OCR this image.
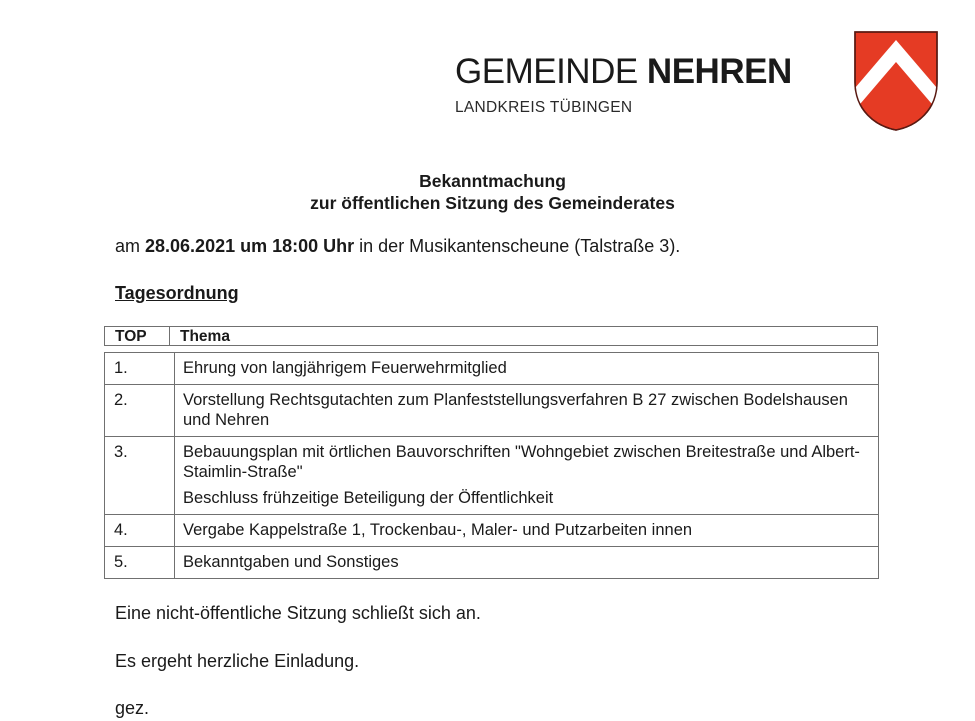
GEMEINDE NEHREN
LANDKREIS TÜBINGEN
Bekanntmachung
zur öffentlichen Sitzung des Gemeinderates
am 28.06.2021 um 18:00 Uhr in der Musikantenscheune (Talstraße 3).
Tagesordnung
TOP	Thema
1.	Ehrung von langjährigem Feuerwehrmitglied

2.	Vorstellung Rechtsgutachten zum Planfeststellungsverfahren B 27 zwischen Bodelshausen und Nehren

3.	Bebauungsplan mit örtlichen Bauvorschriften "Wohngebiet zwischen Breitestraße und Albert-Staimlin-Straße"
Beschluss frühzeitige Beteiligung der Öffentlichkeit

4.	Vergabe Kappelstraße 1, Trockenbau-, Maler- und Putzarbeiten innen

5.	Bekanntgaben und Sonstiges
Eine nicht-öffentliche Sitzung schließt sich an.
Es ergeht herzliche Einladung.
gez.
